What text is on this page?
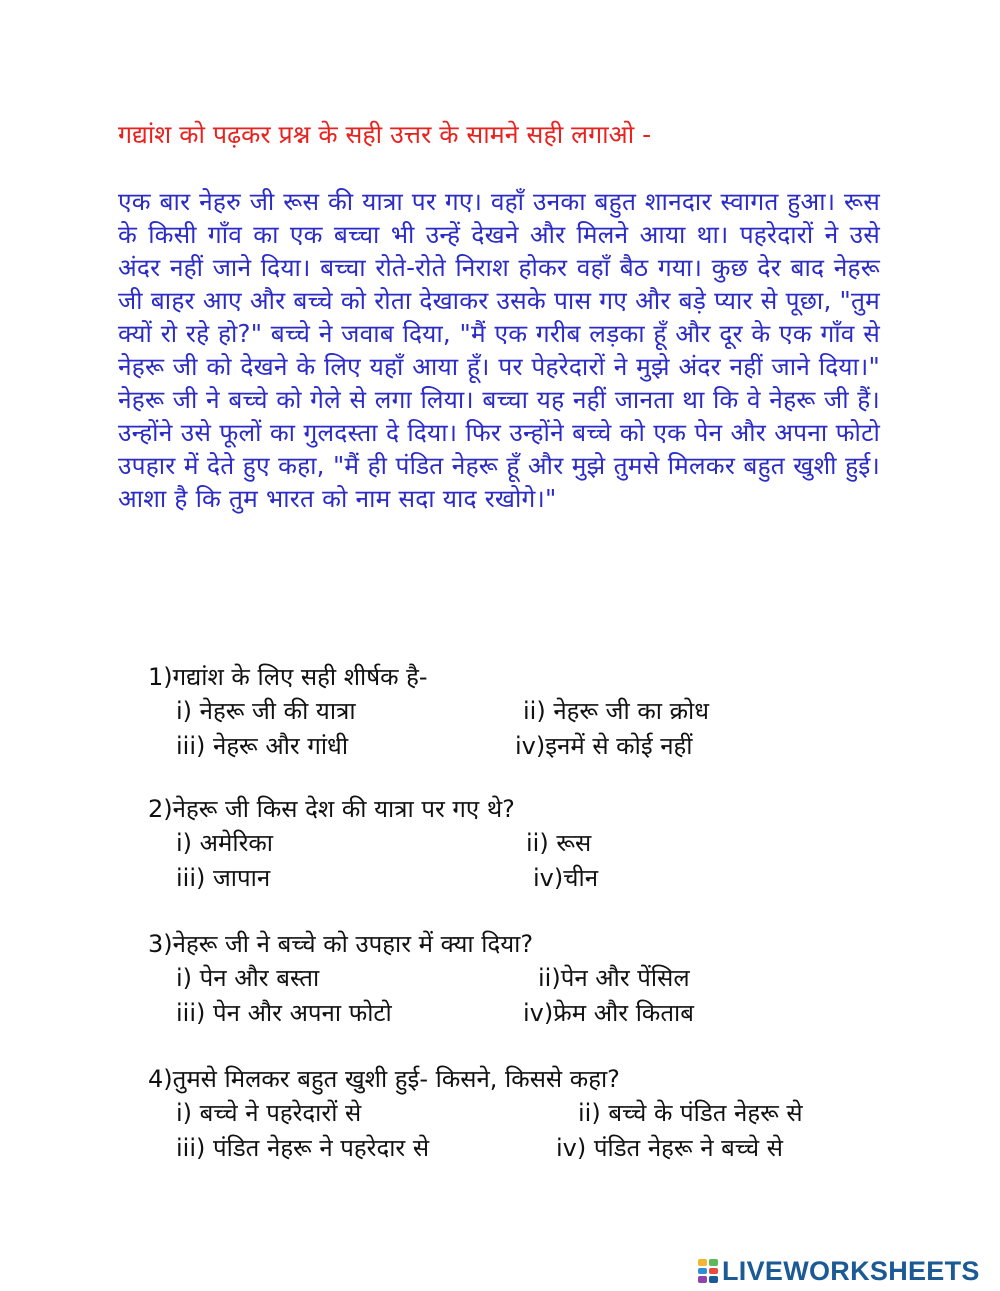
गद्यांश को पढ़कर प्रश्न के सही उत्तर के सामने सही लगाओ -
एक बार नेहरु जी रूस की यात्रा पर गए। वहाँ उनका बहुत शानदार स्वागत हुआ। रूस के किसी गाँव का एक बच्चा भी उन्हें देखने और मिलने आया था। पहरेदारों ने उसे अंदर नहीं जाने दिया। बच्चा रोते-रोते निराश होकर वहाँ बैठ गया। कुछ देर बाद नेहरू जी बाहर आए और बच्चे को रोता देखाकर उसके पास गए और बड़े प्यार से पूछा, "तुम क्यों रो रहे हो?" बच्चे ने जवाब दिया, "मैं एक गरीब लड़का हूँ और दूर के एक गाँव से नेहरू जी को देखने के लिए यहाँ आया हूँ। पर पेहरेदारों ने मुझे अंदर नहीं जाने दिया।" नेहरू जी ने बच्चे को गेले से लगा लिया। बच्चा यह नहीं जानता था कि वे नेहरू जी हैं। उन्होंने उसे फूलों का गुलदस्ता दे दिया। फिर उन्होंने बच्चे को एक पेन और अपना फोटो उपहार में देते हुए कहा, "मैं ही पंडित नेहरू हूँ और मुझे तुमसे मिलकर बहुत खुशी हुई। आशा है कि तुम भारत को नाम सदा याद रखोगे।"
1)गद्यांश के लिए सही शीर्षक है-
i) नेहरू जी की यात्रा	ii) नेहरू जी का क्रोध
iii) नेहरू और गांधी	iv)इनमें से कोई नहीं
2)नेहरू जी किस देश की यात्रा पर गए थे?
i) अमेरिका	ii) रूस
iii) जापान	iv)चीन
3)नेहरू जी ने बच्चे को उपहार में क्या दिया?
i) पेन और बस्ता	ii)पेन और पेंसिल
iii) पेन और अपना फोटो	iv)फ्रेम और किताब
4)तुमसे मिलकर बहुत खुशी हुई- किसने, किससे कहा?
i) बच्चे ने पहरेदारों से	ii) बच्चे के पंडित नेहरू से
iii) पंडित नेहरू ने पहरेदार से	iv) पंडित नेहरू ने बच्चे से
LIVEWORKSHEETS
